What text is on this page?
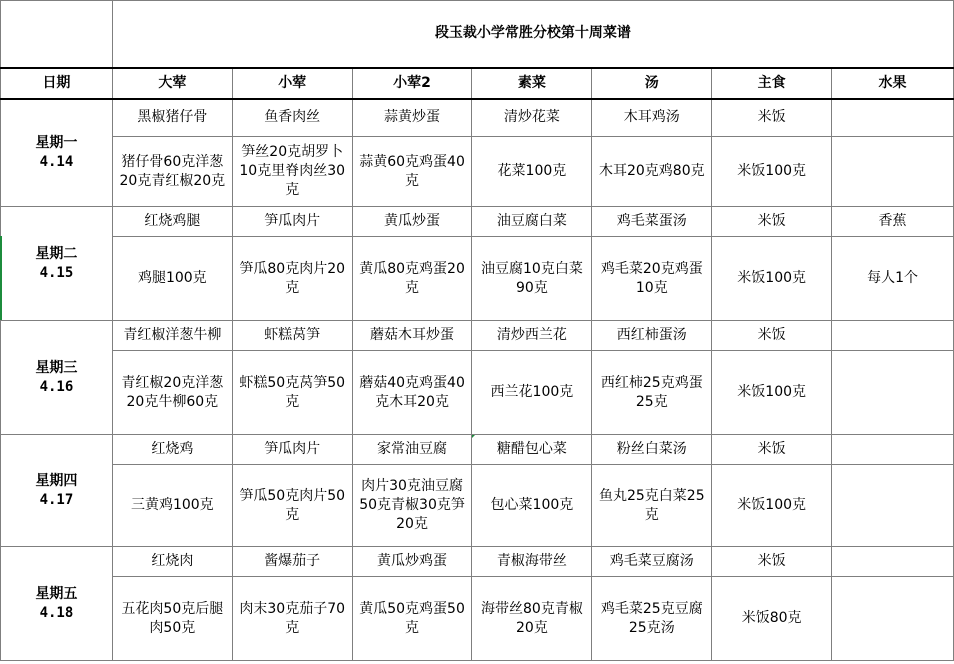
	段玉裁小学常胜分校第十周菜谱						
日期	大荤	小荤	小荤2	素菜	汤	主食	水果

星期一
4.14	黑椒猪仔骨	鱼香肉丝	蒜黄炒蛋	清炒花菜	木耳鸡汤	米饭	
	猪仔骨60克洋葱20克青红椒20克	笋丝20克胡罗卜10克里脊肉丝30克	蒜黄60克鸡蛋40克	花菜100克	木耳20克鸡80克	米饭100克	

星期二
4.15	红烧鸡腿	笋瓜肉片	黄瓜炒蛋	油豆腐白菜	鸡毛菜蛋汤	米饭	香蕉
	鸡腿100克	笋瓜80克肉片20克	黄瓜80克鸡蛋20克	油豆腐10克白菜90克	鸡毛菜20克鸡蛋10克	米饭100克	每人1个

星期三
4.16	青红椒洋葱牛柳	虾糕莴笋	蘑菇木耳炒蛋	清炒西兰花	西红柿蛋汤	米饭	
	青红椒20克洋葱20克牛柳60克	虾糕50克莴笋50克	蘑菇40克鸡蛋40克木耳20克	西兰花100克	西红柿25克鸡蛋25克	米饭100克	

星期四
4.17	红烧鸡	笋瓜肉片	家常油豆腐	糖醋包心菜	粉丝白菜汤	米饭	
	三黄鸡100克	笋瓜50克肉片50克	肉片30克油豆腐50克青椒30克笋20克	包心菜100克	鱼丸25克白菜25克	米饭100克	

星期五
4.18	红烧肉	酱爆茄子	黄瓜炒鸡蛋	青椒海带丝	鸡毛菜豆腐汤	米饭	
	五花肉50克后腿肉50克	肉末30克茄子70克	黄瓜50克鸡蛋50克	海带丝80克青椒20克	鸡毛菜25克豆腐25克汤	米饭80克	
